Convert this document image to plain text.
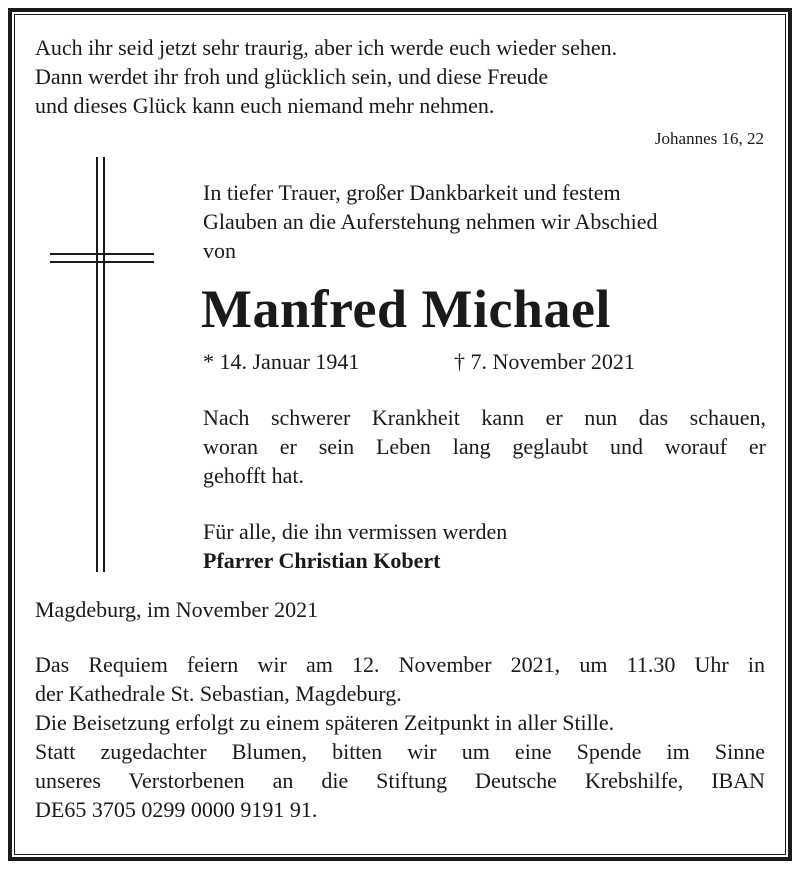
Auch ihr seid jetzt sehr traurig, aber ich werde euch wieder sehen.
Dann werdet ihr froh und glücklich sein, und diese Freude
und dieses Glück kann euch niemand mehr nehmen.

Johannes 16, 22

In tiefer Trauer, großer Dankbarkeit und festem
Glauben an die Auferstehung nehmen wir Abschied
von

Manfred Michael
* 14. Januar 1941	† 7. November 2021

Nach schwerer Krankheit kann er nun das schauen,
woran er sein Leben lang geglaubt und worauf er
gehofft hat.

Für alle, die ihn vermissen werden

Pfarrer Christian Kobert

Magdeburg, im November 2021

Das Requiem feiern wir am 12. November 2021, um 11.30 Uhr in
der Kathedrale St. Sebastian, Magdeburg.
Die Beisetzung erfolgt zu einem späteren Zeitpunkt in aller Stille.
Statt zugedachter Blumen, bitten wir um eine Spende im Sinne
unseres Verstorbenen an die Stiftung Deutsche Krebshilfe, IBAN
DE65 3705 0299 0000 9191 91.
